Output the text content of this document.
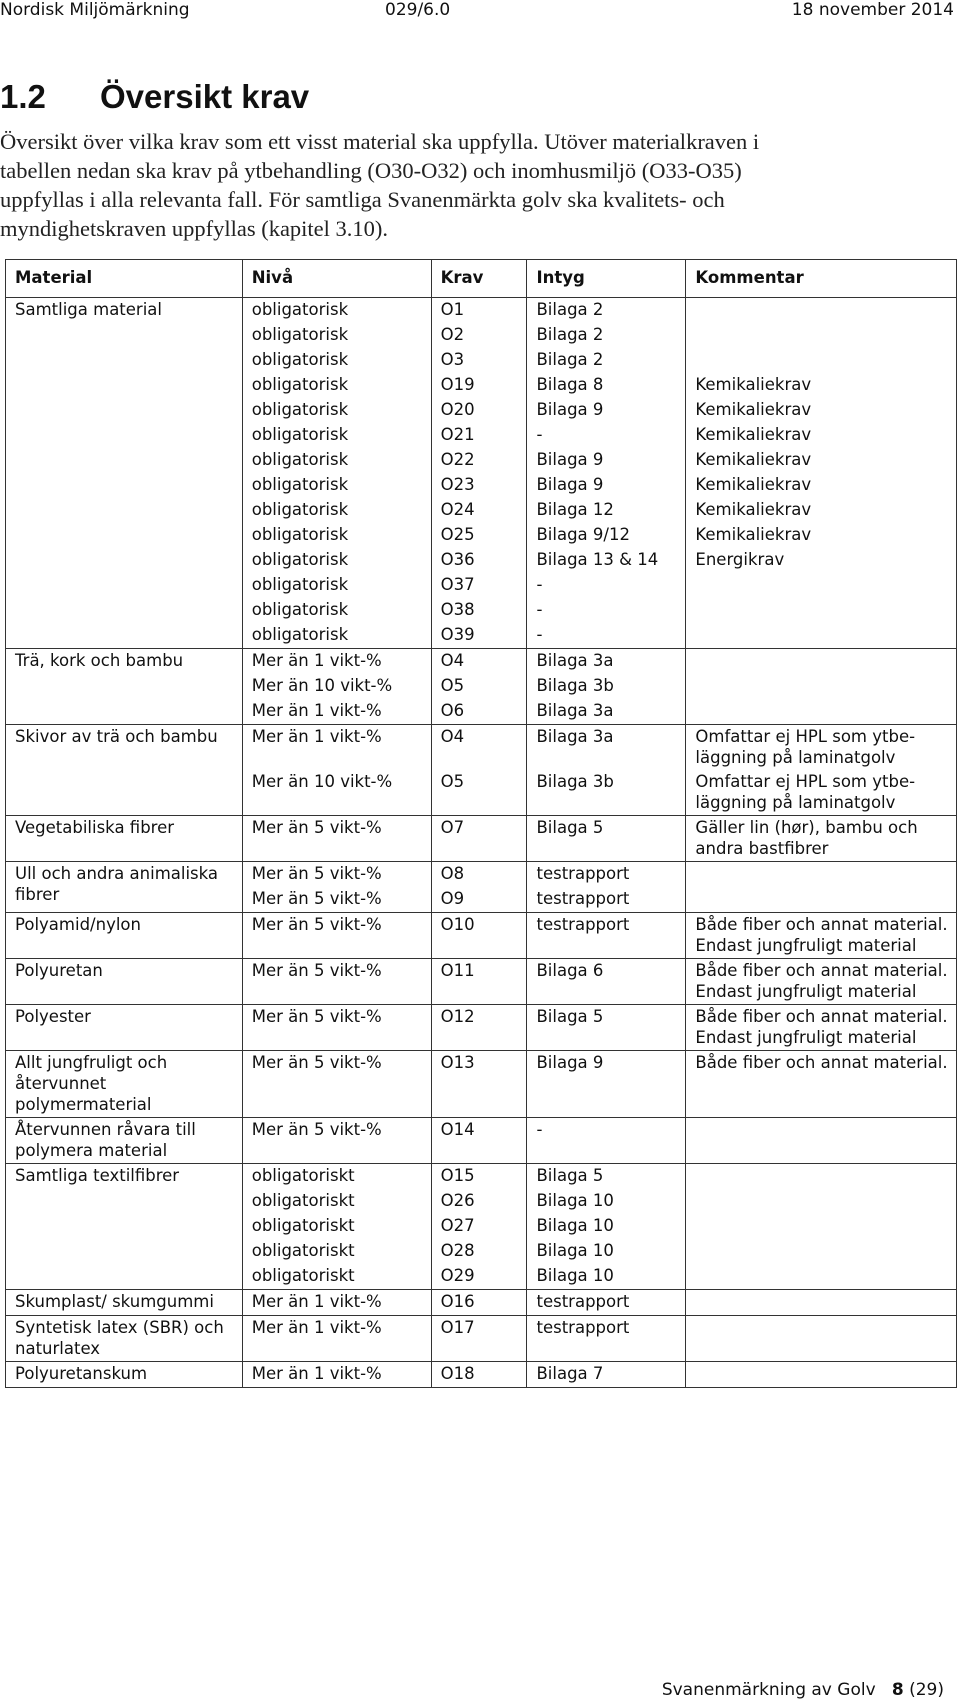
Nordisk Miljömärkning	029/6.0	18 november 2014
1.2 Översikt krav
Översikt över vilka krav som ett visst material ska uppfylla. Utöver materialkraven i
tabellen nedan ska krav på ytbehandling (O30-O32) och inomhusmiljö (O33-O35)
uppfyllas i alla relevanta fall. För samtliga Svanenmärkta golv ska kvalitets- och
myndighetskraven uppfyllas (kapitel 3.10).
Material	Nivå	Krav	Intyg	Kommentar
Samtliga material	obligatorisk	O1	Bilaga 2	
	obligatorisk	O2	Bilaga 2	
	obligatorisk	O3	Bilaga 2	
	obligatorisk	O19	Bilaga 8	Kemikaliekrav
	obligatorisk	O20	Bilaga 9	Kemikaliekrav
	obligatorisk	O21	-	Kemikaliekrav
	obligatorisk	O22	Bilaga 9	Kemikaliekrav
	obligatorisk	O23	Bilaga 9	Kemikaliekrav
	obligatorisk	O24	Bilaga 12	Kemikaliekrav
	obligatorisk	O25	Bilaga 9/12	Kemikaliekrav
	obligatorisk	O36	Bilaga 13 & 14	Energikrav
	obligatorisk	O37	-	
	obligatorisk	O38	-	
	obligatorisk	O39	-	
Trä, kork och bambu	Mer än 1 vikt-%	O4	Bilaga 3a	
	Mer än 10 vikt-%	O5	Bilaga 3b	
	Mer än 1 vikt-%	O6	Bilaga 3a	
Skivor av trä och bambu	Mer än 1 vikt-%	O4	Bilaga 3a	Omfattar ej HPL som ytbe-läggning på laminatgolv
	Mer än 10 vikt-%	O5	Bilaga 3b	Omfattar ej HPL som ytbe-läggning på laminatgolv
Vegetabiliska fibrer	Mer än 5 vikt-%	O7	Bilaga 5	Gäller lin (hør), bambu och andra bastfibrer
Ull och andra animaliska fibrer	Mer än 5 vikt-%	O8	testrapport	
	Mer än 5 vikt-%	O9	testrapport	
Polyamid/nylon	Mer än 5 vikt-%	O10	testrapport	Både fiber och annat material. Endast jungfruligt material
Polyuretan	Mer än 5 vikt-%	O11	Bilaga 6	Både fiber och annat material. Endast jungfruligt material
Polyester	Mer än 5 vikt-%	O12	Bilaga 5	Både fiber och annat material. Endast jungfruligt material
Allt jungfruligt och återvunnet polymermaterial	Mer än 5 vikt-%	O13	Bilaga 9	Både fiber och annat material.
Återvunnen råvara till polymera material	Mer än 5 vikt-%	O14	-	
Samtliga textilfibrer	obligatoriskt	O15	Bilaga 5	
	obligatoriskt	O26	Bilaga 10	
	obligatoriskt	O27	Bilaga 10	
	obligatoriskt	O28	Bilaga 10	
	obligatoriskt	O29	Bilaga 10	
Skumplast/ skumgummi	Mer än 1 vikt-%	O16	testrapport	
Syntetisk latex (SBR) och naturlatex	Mer än 1 vikt-%	O17	testrapport	
Polyuretanskum	Mer än 1 vikt-%	O18	Bilaga 7	
Svanenmärkning av Golv 8 (29)
